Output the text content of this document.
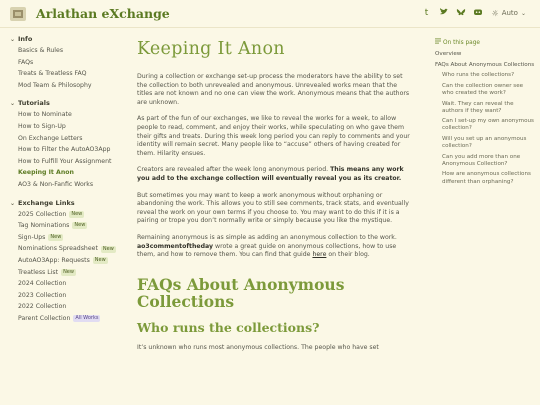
Arlathan eXchange	t	☼ Auto ⌄
⌄ Info
Basics & Rules
FAQs
Treats & Treatless FAQ
Mod Team & Philosophy
⌄ Tutorials
How to Nominate
How to Sign-Up
On Exchange Letters
How to Filter the AutoAO3App
How to Fulfill Your Assignment
Keeping It Anon
AO3 & Non-Fanfic Works
⌄ Exchange Links
2025 Collection	New
Tag Nominations	New
Sign-Ups	New
Nominations Spreadsheet	New
AutoAO3App: Requests	New
Treatless List	New
2024 Collection
2023 Collection
2022 Collection
Parent Collection	All Works
Keeping It Anon

During a collection or exchange set-up process the moderators have the ability to set the collection to both unrevealed and anonymous. Unrevealed works mean that the titles are not known and no one can view the work. Anonymous means that the authors are unknown.

As part of the fun of our exchanges, we like to reveal the works for a week, to allow people to read, comment, and enjoy their works, while speculating on who gave them their gifts and treats. During this week long period you can reply to comments and your identity will remain secret. Many people like to “accuse” others of having created for them. Hilarity ensues.

Creators are revealed after the week long anonymous period. This means any work you add to the exchange collection will eventually reveal you as its creator.

But sometimes you may want to keep a work anonymous without orphaning or abandoning the work. This allows you to still see comments, track stats, and eventually reveal the work on your own terms if you choose to. You may want to do this if it is a pairing or trope you don’t normally write or simply because you like the mystique.

Remaining anonymous is as simple as adding an anonymous collection to the work. ao3commentoftheday wrote a great guide on anonymous collections, how to use them, and how to remove them. You can find that guide here on their blog.

FAQs About Anonymous Collections
Who runs the collections?

It’s unknown who runs most anonymous collections. The people who have set

On this page
Overview
FAQs About Anonymous Collections
Who runs the collections?
Can the collection owner see who created the work?
Wait. They can reveal the authors if they want?
Can I set-up my own anonymous collection?
Will you set up an anonymous collection?
Can you add more than one Anonymous Collection?
How are anonymous collections different than orphaning?
